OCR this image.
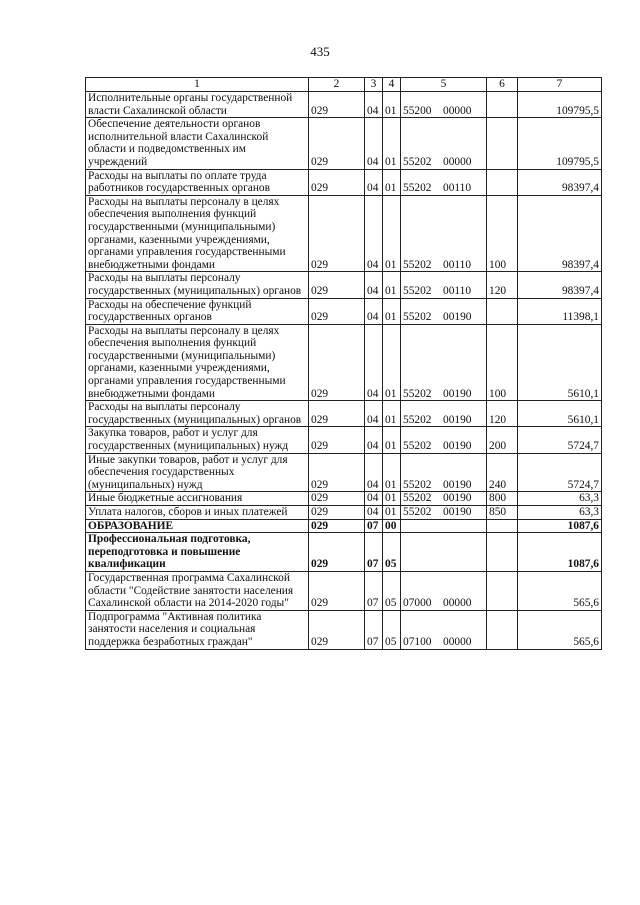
435
1	2	3	4	5	6	7
Исполнительные органы государственной власти Сахалинской области	029	04	01	55200 00000		109795,5
Обеспечение деятельности органов исполнительной власти Сахалинской области и подведомственных им учреждений	029	04	01	55202 00000		109795,5
Расходы на выплаты по оплате труда работников государственных органов	029	04	01	55202 00110		98397,4
Расходы на выплаты персоналу в целях обеспечения выполнения функций государственными (муниципальными) органами, казенными учреждениями, органами управления государственными внебюджетными фондами	029	04	01	55202 00110	100	98397,4
Расходы на выплаты персоналу государственных (муниципальных) органов	029	04	01	55202 00110	120	98397,4
Расходы на обеспечение функций государственных органов	029	04	01	55202 00190		11398,1
Расходы на выплаты персоналу в целях обеспечения выполнения функций государственными (муниципальными) органами, казенными учреждениями, органами управления государственными внебюджетными фондами	029	04	01	55202 00190	100	5610,1
Расходы на выплаты персоналу государственных (муниципальных) органов	029	04	01	55202 00190	120	5610,1
Закупка товаров, работ и услуг для государственных (муниципальных) нужд	029	04	01	55202 00190	200	5724,7
Иные закупки товаров, работ и услуг для обеспечения государственных (муниципальных) нужд	029	04	01	55202 00190	240	5724,7
Иные бюджетные ассигнования	029	04	01	55202 00190	800	63,3
Уплата налогов, сборов и иных платежей	029	04	01	55202 00190	850	63,3
ОБРАЗОВАНИЕ	029	07	00			1087,6
Профессиональная подготовка, переподготовка и повышение квалификации	029	07	05			1087,6
Государственная программа Сахалинской области "Содействие занятости населения Сахалинской области на 2014-2020 годы"	029	07	05	07000 00000		565,6
Подпрограмма "Активная политика занятости населения и социальная поддержка безработных граждан"	029	07	05	07100 00000		565,6
